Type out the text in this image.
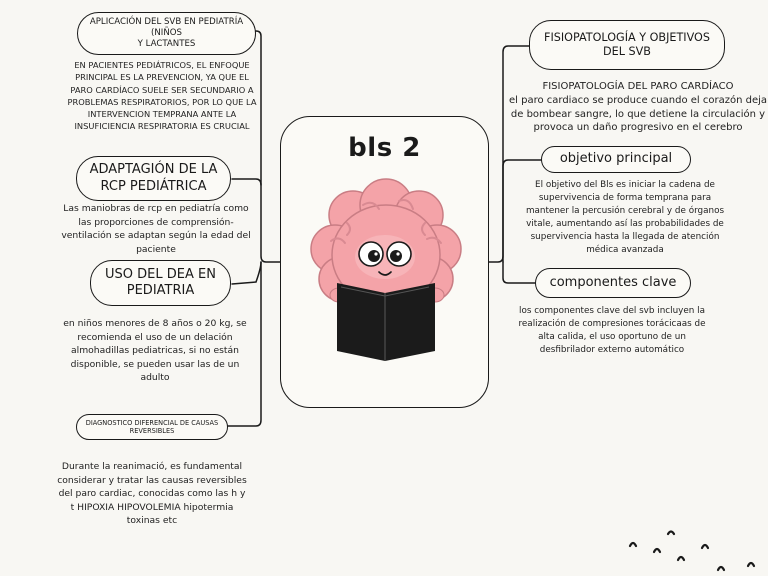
APLICACIÓN DEL SVB EN PEDIATRÍA
(NIÑOS
Y LACTANTES
EN PACIENTES PEDIÁTRICOS, EL ENFOQUE PRINCIPAL ES LA PREVENCION, YA QUE EL PARO CARDÍACO SUELE SER SECUNDARIO A PROBLEMAS RESPIRATORIOS, POR LO QUE LA INTERVENCION TEMPRANA ANTE LA INSUFICIENCIA RESPIRATORIA ES CRUCIAL
ADAPTAGIÓN DE LA
RCP PEDIÁTRICA
Las maniobras de rcp en pediatría como las proporciones de comprensión-ventilación se adaptan según la edad del paciente
USO DEL DEA EN
PEDIATRIA
en niños menores de 8 años o 20 kg, se recomienda el uso de un delación almohadillas pediatricas, si no están disponible, se pueden usar las de un adulto
DIAGNOSTICO DIFERENCIAL DE CAUSAS
REVERSIBLES
Durante la reanimació, es fundamental considerar y tratar las causas reversibles del paro cardiac, conocidas como las h y t HIPOXIA HIPOVOLEMIA hipotermia toxinas etc
bls 2
FISIOPATOLOGÍA Y OBJETIVOS
DEL SVB
FISIOPATOLOGÍA DEL PARO CARDÍACO
el paro cardiaco se produce cuando el corazón deja de bombear sangre, lo que detiene la circulación y provoca un daño progresivo en el cerebro
objetivo principal
El objetivo del Bls es iniciar la cadena de supervivencia de forma temprana para mantener la percusión cerebral y de órganos vitale, aumentando así las probabilidades de supervivencia hasta la llegada de atención médica avanzada
componentes clave
los componentes clave del svb incluyen la realización de compresiones torácicaas de alta calida, el uso oportuno de un desfibrilador externo automático
